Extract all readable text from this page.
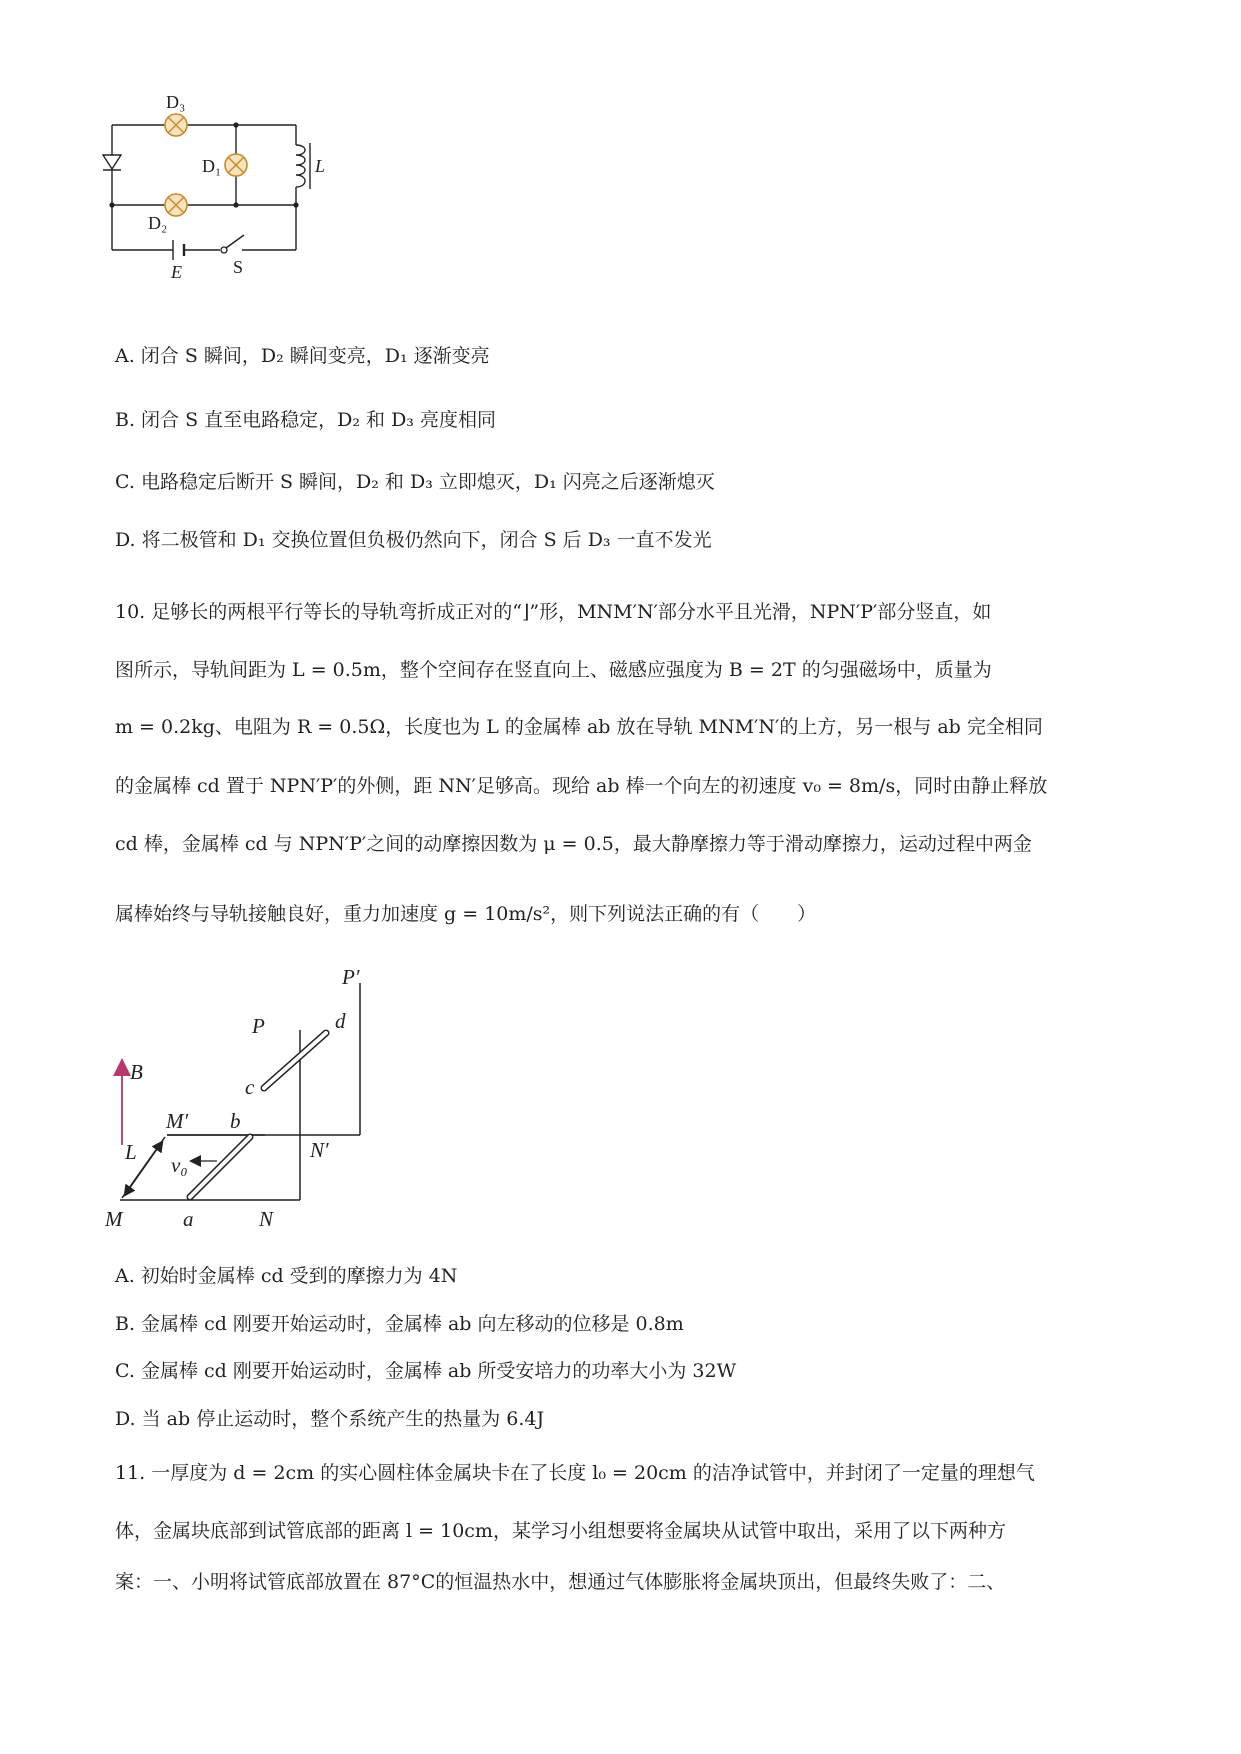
D₃
D₁
D₂
L
E	S
A. 闭合 S 瞬间，D₂ 瞬间变亮，D₁ 逐渐变亮
B. 闭合 S 直至电路稳定，D₂ 和 D₃ 亮度相同
C. 电路稳定后断开 S 瞬间，D₂ 和 D₃ 立即熄灭，D₁ 闪亮之后逐渐熄灭
D. 将二极管和 D₁ 交换位置但负极仍然向下，闭合 S 后 D₃ 一直不发光
10. 足够长的两根平行等长的导轨弯折成正对的“⌋”形，MNM′N′部分水平且光滑，NPN′P′部分竖直，如
图所示，导轨间距为 L = 0.5m，整个空间存在竖直向上、磁感应强度为 B = 2T 的匀强磁场中，质量为
m = 0.2kg、电阻为 R = 0.5Ω，长度也为 L 的金属棒 ab 放在导轨 MNM′N′的上方，另一根与 ab 完全相同
的金属棒 cd 置于 NPN′P′的外侧，距 NN′足够高。现给 ab 棒一个向左的初速度 v₀ = 8m/s，同时由静止释放
cd 棒，金属棒 cd 与 NPN′P′之间的动摩擦因数为 μ = 0.5，最大静摩擦力等于滑动摩擦力，运动过程中两金
属棒始终与导轨接触良好，重力加速度 g = 10m/s²，则下列说法正确的有（　　）
P′
d
P
B
c
M′ b
L
v₀
N′
M	a	N
A. 初始时金属棒 cd 受到的摩擦力为 4N
B. 金属棒 cd 刚要开始运动时，金属棒 ab 向左移动的位移是 0.8m
C. 金属棒 cd 刚要开始运动时，金属棒 ab 所受安培力的功率大小为 32W
D. 当 ab 停止运动时，整个系统产生的热量为 6.4J
11. 一厚度为 d = 2cm 的实心圆柱体金属块卡在了长度 l₀ = 20cm 的洁净试管中，并封闭了一定量的理想气
体，金属块底部到试管底部的距离 l = 10cm，某学习小组想要将金属块从试管中取出，采用了以下两种方
案：一、小明将试管底部放置在 87°C的恒温热水中，想通过气体膨胀将金属块顶出，但最终失败了：二、
